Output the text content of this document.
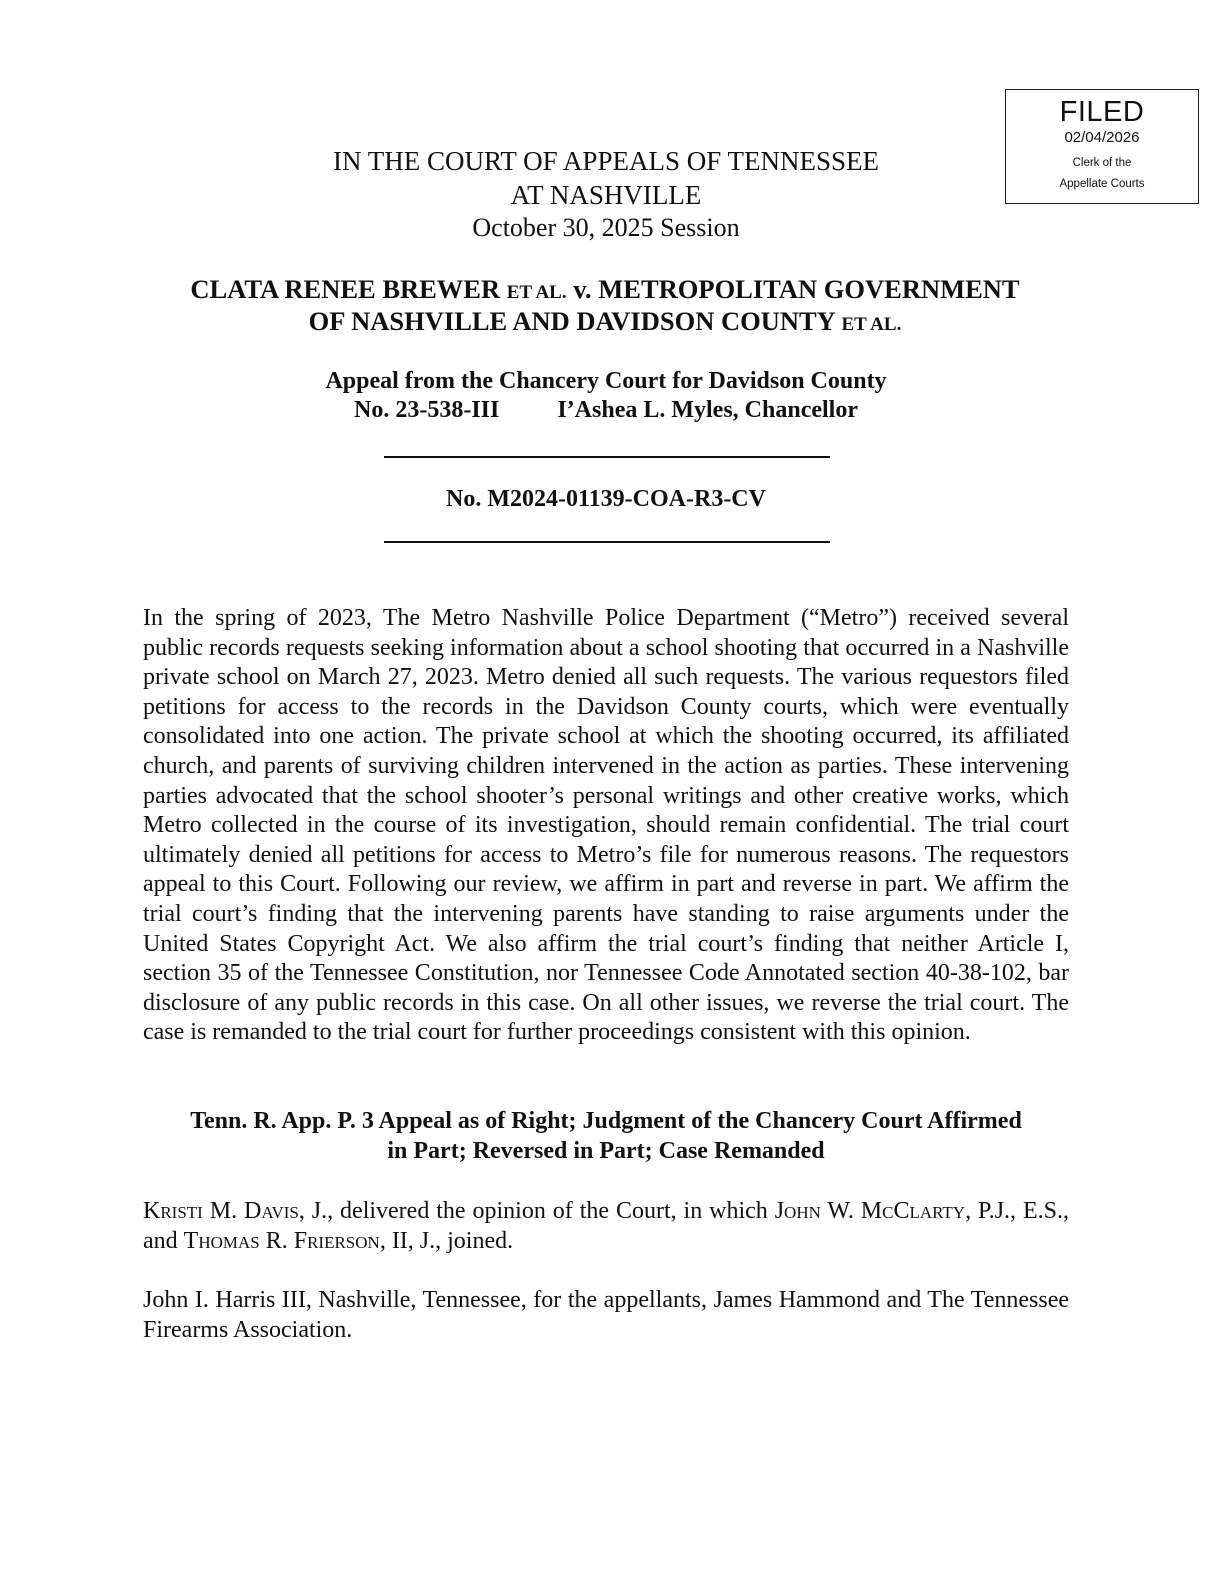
FILED
02/04/2026
Clerk of the
Appellate Courts
IN THE COURT OF APPEALS OF TENNESSEE
AT NASHVILLE
October 30, 2025 Session
CLATA RENEE BREWER ET AL. v. METROPOLITAN GOVERNMENT
OF NASHVILLE AND DAVIDSON COUNTY ET AL.
Appeal from the Chancery Court for Davidson County
No. 23-538-III I’Ashea L. Myles, Chancellor
No. M2024-01139-COA-R3-CV
In the spring of 2023, The Metro Nashville Police Department (“Metro”) received several public records requests seeking information about a school shooting that occurred in a Nashville private school on March 27, 2023. Metro denied all such requests. The various requestors filed petitions for access to the records in the Davidson County courts, which were eventually consolidated into one action. The private school at which the shooting occurred, its affiliated church, and parents of surviving children intervened in the action as parties. These intervening parties advocated that the school shooter’s personal writings and other creative works, which Metro collected in the course of its investigation, should remain confidential. The trial court ultimately denied all petitions for access to Metro’s file for numerous reasons. The requestors appeal to this Court. Following our review, we affirm in part and reverse in part. We affirm the trial court’s finding that the intervening parents have standing to raise arguments under the United States Copyright Act. We also affirm the trial court’s finding that neither Article I, section 35 of the Tennessee Constitution, nor Tennessee Code Annotated section 40-38-102, bar disclosure of any public records in this case. On all other issues, we reverse the trial court. The case is remanded to the trial court for further proceedings consistent with this opinion.
Tenn. R. App. P. 3 Appeal as of Right; Judgment of the Chancery Court Affirmed
in Part; Reversed in Part; Case Remanded
Kristi M. Davis, J., delivered the opinion of the Court, in which John W. McClarty, P.J., E.S., and Thomas R. Frierson, II, J., joined.
John I. Harris III, Nashville, Tennessee, for the appellants, James Hammond and The Tennessee Firearms Association.
